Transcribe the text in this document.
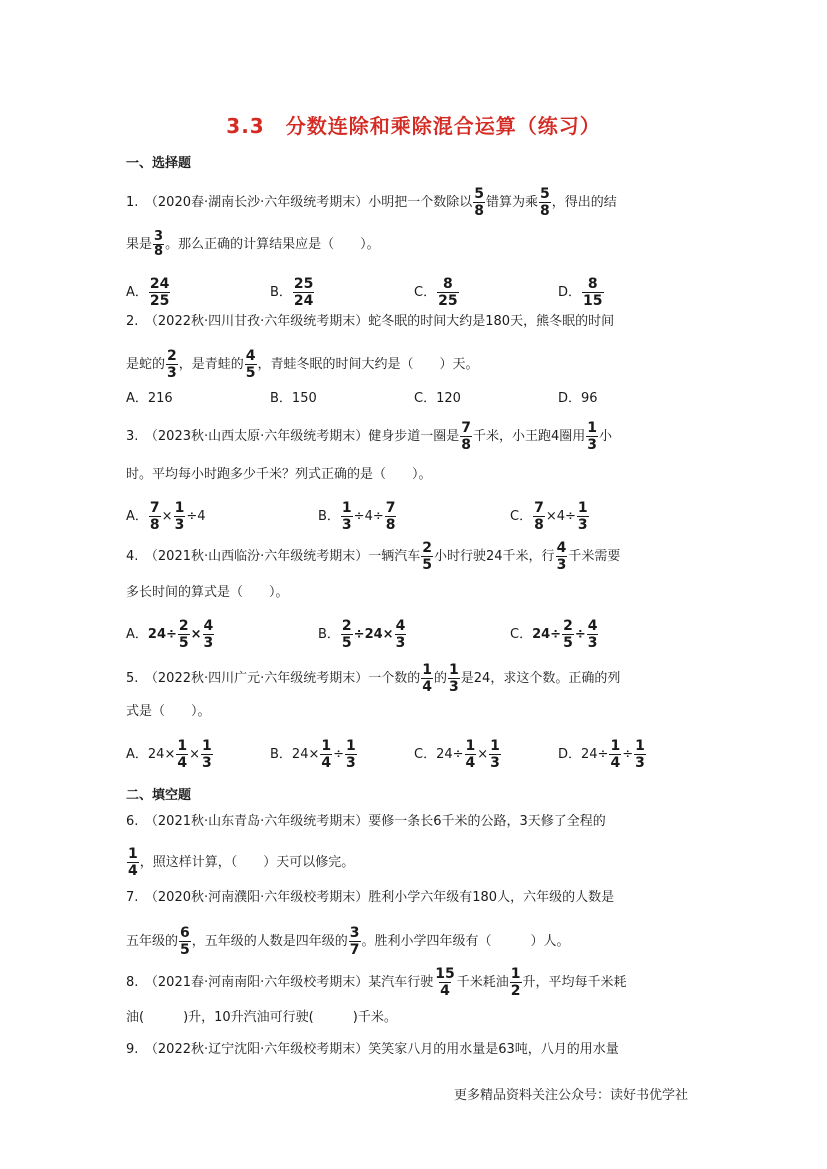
3.3　分数连除和乘除混合运算（练习）
一、选择题
1.　（2020春·湖南长沙·六年级统考期末）小明把一个数除以 $\frac{5}{8}$ 错算为乘 $\frac{5}{8}$ ，得出的结
果是 $\frac{3}{8}$ 。那么正确的计算结果应是（　　）。
A． $\frac{24}{25}$	B． $\frac{25}{24}$	C． $\frac{8}{25}$	D． $\frac{8}{15}$
2.　（2022秋·四川甘孜·六年级统考期末）蛇冬眠的时间大约是180天，熊冬眠的时间
是蛇的 $\frac{2}{3}$ ，是青蛙的 $\frac{4}{5}$ ，青蛙冬眠的时间大约是（　　）天。
A．216	B．150	C．120	D．96
3.　（2023秋·山西太原·六年级统考期末）健身步道一圈是 $\frac{7}{8}$ 千米，小王跑4圈用 $\frac{1}{3}$ 小
时。平均每小时跑多少千米？列式正确的是（　　）。
A． $\frac{7}{8} \times \frac{1}{3} \div 4$	B． $\frac{1}{3} \div 4\div \frac{7}{8}$	C． $\frac{7}{8} \times 4\div \frac{1}{3}$
4.　（2021秋·山西临汾·六年级统考期末）一辆汽车 $\frac{2}{5}$ 小时行驶24千米，行 $\frac{4}{3}$ 千米需要
多长时间的算式是（　　）。
A．$24\div \frac{2}{5} \times \frac{4}{3}$	B． $\frac{2}{5} \div 24\times \frac{4}{3}$	C．$24\div \frac{2}{5} \div \frac{4}{3}$
5.　（2022秋·四川广元·六年级统考期末）一个数的 $\frac{1}{4}$ 的 $\frac{1}{3}$ 是24，求这个数。正确的列
式是（　　）。
A．$24\times \frac{1}{4} \times \frac{1}{3}$	B．$24\times \frac{1}{4} \div \frac{1}{3}$	C．$24\div \frac{1}{4} \times \frac{1}{3}$	D．$24\div \frac{1}{4} \div \frac{1}{3}$
二、填空题
6.　（2021秋·山东青岛·六年级统考期末）要修一条长6千米的公路，3天修了全程的
$\frac{1}{4}$ ，照这样计算，（　　）天可以修完。
7.　（2020秋·河南濮阳·六年级校考期末）胜利小学六年级有180人，六年级的人数是
五年级的 $\frac{6}{5}$ ，五年级的人数是四年级的 $\frac{3}{7}$ 。胜利小学四年级有（　　　）人。
8.　（2021春·河南南阳·六年级校考期末）某汽车行驶 $\frac{15}{4}$ 千米耗油 $\frac{1}{2}$ 升，平均每千米耗
油(　　　)升，10升汽油可行驶(　　　)千米。
9.　（2022秋·辽宁沈阳·六年级校考期末）笑笑家八月的用水量是63吨，八月的用水量
更多精品资料关注公众号：读好书优学社
